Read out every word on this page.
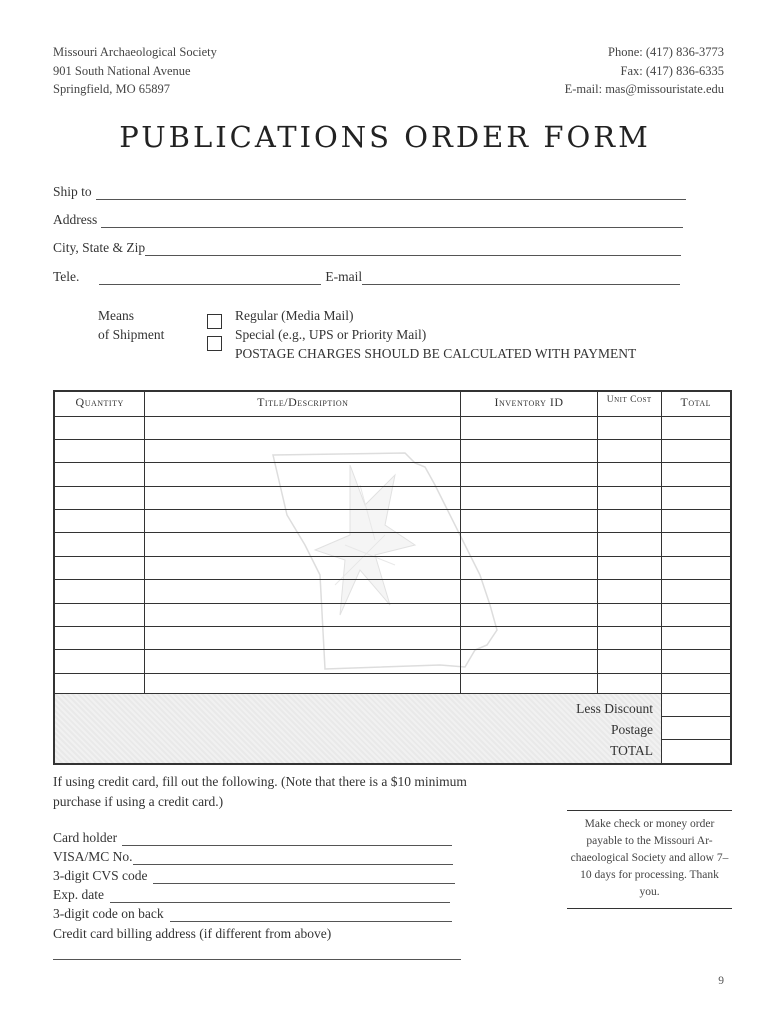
Missouri Archaeological Society
901 South National Avenue
Springfield, MO 65897
Phone: (417) 836-3773
Fax: (417) 836-6335
E-mail: mas@missouristate.edu
PUBLICATIONS ORDER FORM
Ship to
Address
City, State & Zip
Tele.	E-mail
Means
of Shipment
Regular (Media Mail)
Special (e.g., UPS or Priority Mail)
POSTAGE CHARGES SHOULD BE CALCULATED WITH PAYMENT
Quantity	Title/Description	Inventory ID	Unit Cost	Total

Less Discount
Postage
TOTAL
If using credit card, fill out the following. (Note that there is a $10 minimum purchase if using a credit card.)
Card holder
VISA/MC No.
3-digit CVS code
Exp. date
3-digit code on back
Credit card billing address (if different from above)
Make check or money order payable to the Missouri Ar-chaeological Society and allow 7–10 days for processing. Thank you.
9
